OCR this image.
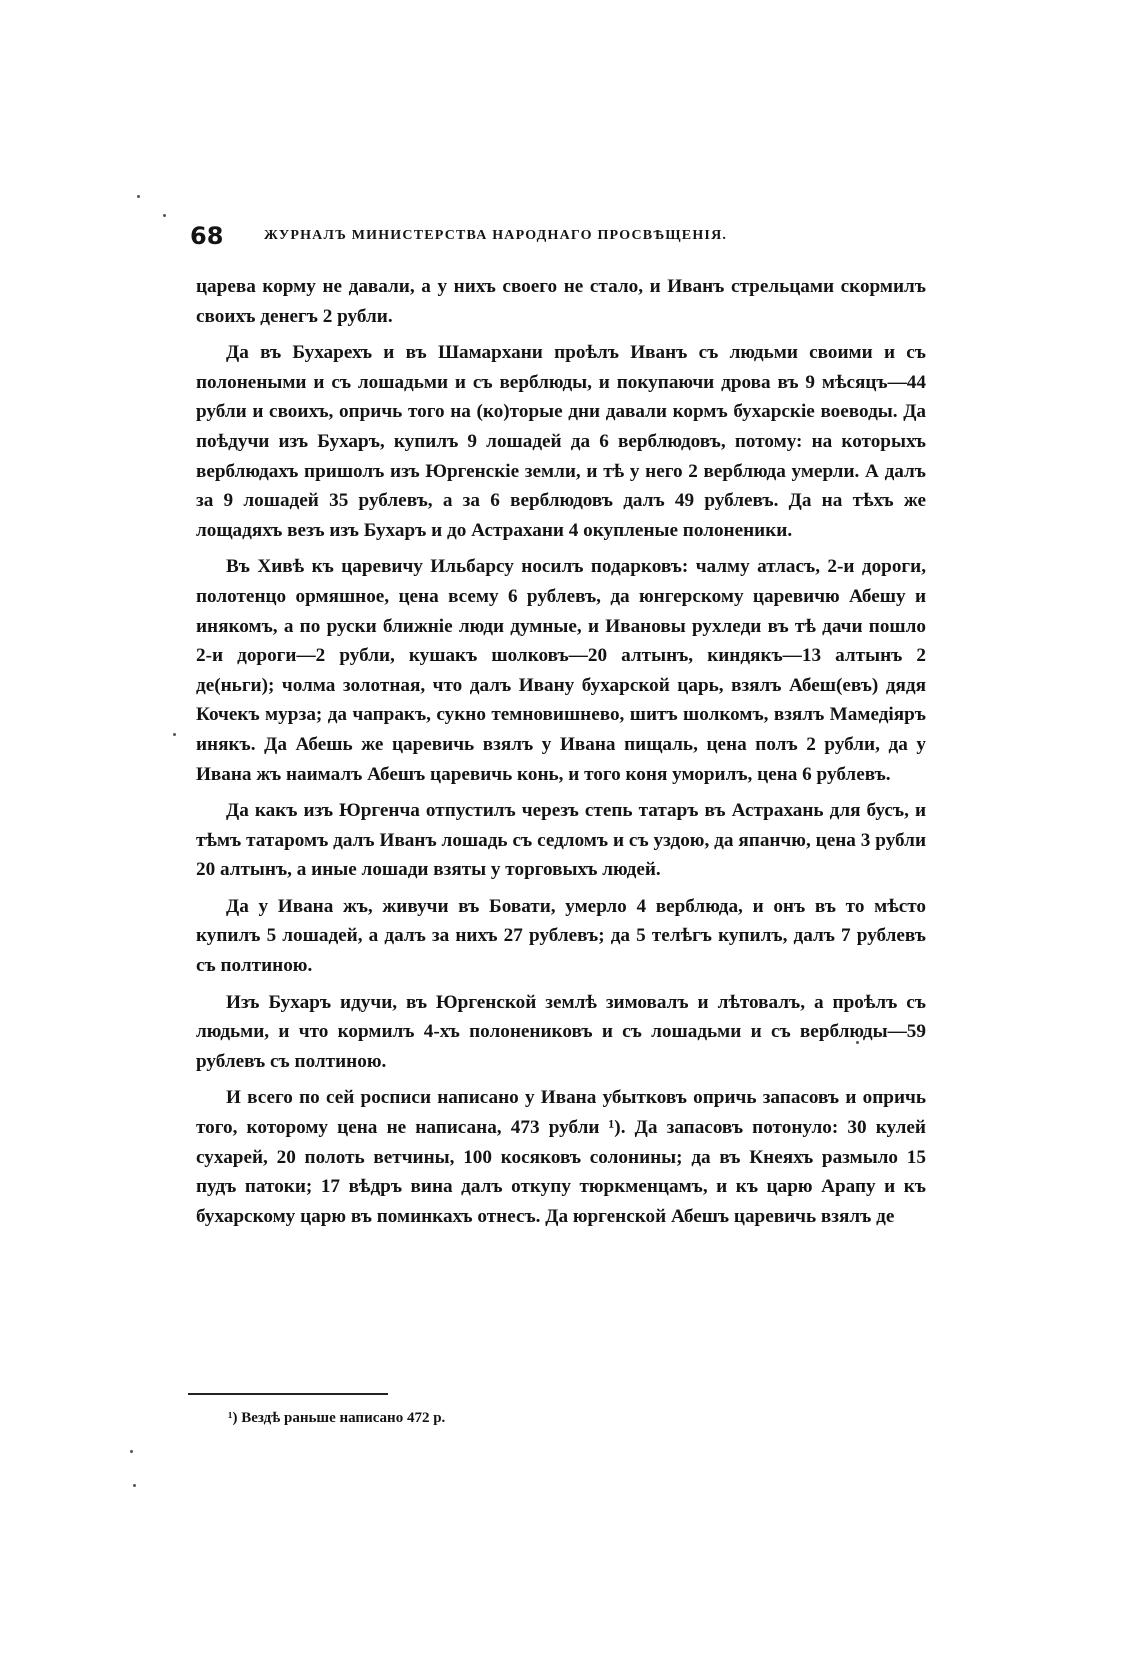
68	ЖУРНАЛЪ МИНИСТЕРСТВА НАРОДНАГО ПРОСВѢЩЕНІЯ.

царева корму не давали, а у нихъ своего не стало, и Иванъ стрельцами скормилъ своихъ денегъ 2 рубли.

Да въ Бухарехъ и въ Шамархани проѣлъ Иванъ съ людьми своими и съ полонеными и съ лошадьми и съ верблюды, и покупаючи дрова въ 9 мѣсяцъ—44 рубли и своихъ, опричь того на (ко)торые дни давали кормъ бухарскіе воеводы. Да поѣдучи изъ Бухаръ, купилъ 9 лошадей да 6 верблюдовъ, потому: на которыхъ верблюдахъ пришолъ изъ Юргенскіе земли, и тѣ у него 2 верблюда умерли. А далъ за 9 лошадей 35 рублевъ, а за 6 верблюдовъ далъ 49 рублевъ. Да на тѣхъ же лощадяхъ везъ изъ Бухаръ и до Астрахани 4 окупленые полоненики.

Въ Хивѣ къ царевичу Ильбарсу носилъ подарковъ: чалму атласъ, 2-и дороги, полотенцо ормяшное, цена всему 6 рублевъ, да юнгерскому царевичю Абешу и инякомъ, а по руски ближніе люди думные, и Ивановы рухледи въ тѣ дачи пошло 2-и дороги—2 рубли, кушакъ шолковъ—20 алтынъ, киндякъ—13 алтынъ 2 де(ньги); чолма золотная, что далъ Ивану бухарской царь, взялъ Абеш(евъ) дядя Кочекъ мурза; да чапракъ, сукно темновишнево, шитъ шолкомъ, взялъ Мамедіяръ инякъ. Да Абешь же царевичь взялъ у Ивана пищаль, цена полъ 2 рубли, да у Ивана жъ наималъ Абешъ царевичь конь, и того коня уморилъ, цена 6 рублевъ.

Да какъ изъ Юргенча отпустилъ черезъ степь татаръ въ Астрахань для бусъ, и тѣмъ татаромъ далъ Иванъ лошадь съ седломъ и съ уздою, да япанчю, цена 3 рубли 20 алтынъ, а иные лошади взяты у торговыхъ людей.

Да у Ивана жъ, живучи въ Бовати, умерло 4 верблюда, и онъ въ то мѣсто купилъ 5 лошадей, а далъ за нихъ 27 рублевъ; да 5 телѣгъ купилъ, далъ 7 рублевъ съ полтиною.

Изъ Бухаръ идучи, въ Юргенской землѣ зимовалъ и лѣтовалъ, а проѣлъ съ людьми, и что кормилъ 4-хъ полонениковъ и съ лошадьми и съ верблюды—59 рублевъ съ полтиною.

И всего по сей росписи написано у Ивана убытковъ опричь запасовъ и опричь того, которому цена не написана, 473 рубли ¹). Да запасовъ потонуло: 30 кулей сухарей, 20 полоть ветчины, 100 косяковъ солонины; да въ Кнеяхъ размыло 15 пудъ патоки; 17 вѣдръ вина далъ откупу тюркменцамъ, и къ царю Арапу и къ бухарскому царю въ поминкахъ отнесъ. Да юргенской Абешъ царевичь взялъ де

¹) Вездѣ раньше написано 472 р.
